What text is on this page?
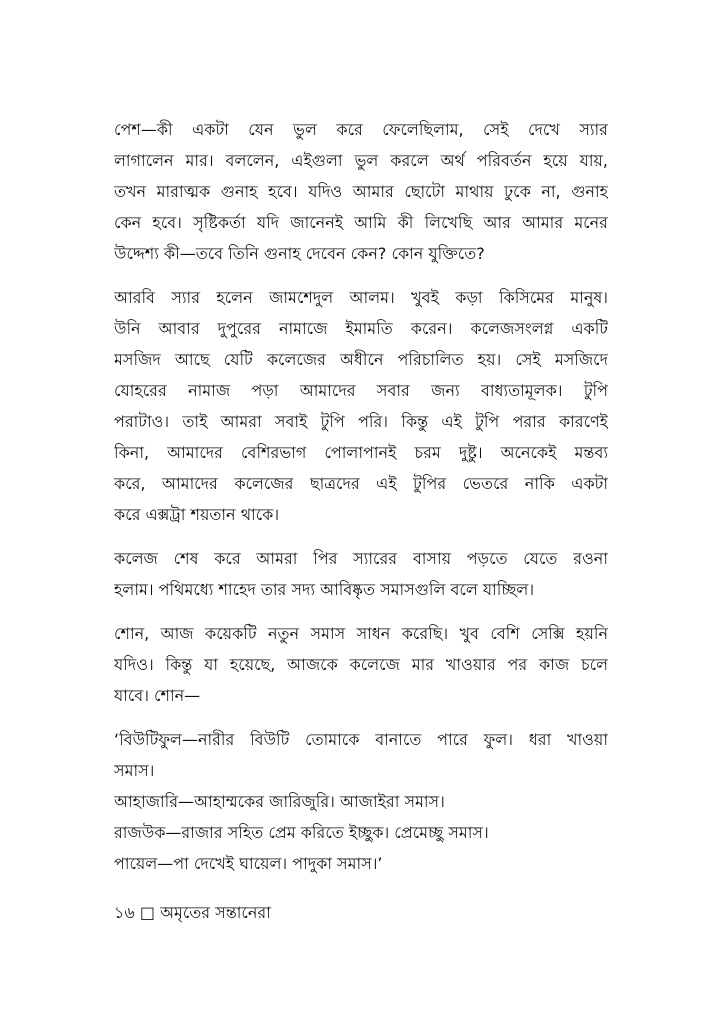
পেশ—কী একটা যেন ভুল করে ফেলেছিলাম, সেই দেখে স্যার
লাগালেন মার। বললেন, এইগুলা ভুল করলে অর্থ পরিবর্তন হয়ে যায়,
তখন মারাত্মক গুনাহ হবে। যদিও আমার ছোটো মাথায় ঢুকে না, গুনাহ
কেন হবে। সৃষ্টিকর্তা যদি জানেনই আমি কী লিখেছি আর আমার মনের
উদ্দেশ্য কী—তবে তিনি গুনাহ দেবেন কেন? কোন যুক্তিতে?
আরবি স্যার হলেন জামশেদুল আলম। খুবই কড়া কিসিমের মানুষ।
উনি আবার দুপুরের নামাজে ইমামতি করেন। কলেজসংলগ্ন একটি
মসজিদ আছে যেটি কলেজের অধীনে পরিচালিত হয়। সেই মসজিদে
যোহরের নামাজ পড়া আমাদের সবার জন্য বাধ্যতামূলক। টুপি
পরাটাও। তাই আমরা সবাই টুপি পরি। কিন্তু এই টুপি পরার কারণেই
কিনা, আমাদের বেশিরভাগ পোলাপানই চরম দুষ্টু। অনেকেই মন্তব্য
করে, আমাদের কলেজের ছাত্রদের এই টুপির ভেতরে নাকি একটা
করে এক্সট্রা শয়তান থাকে।
কলেজ শেষ করে আমরা পির স্যারের বাসায় পড়তে যেতে রওনা
হলাম। পথিমধ্যে শাহেদ তার সদ্য আবিষ্কৃত সমাসগুলি বলে যাচ্ছিল।
শোন, আজ কয়েকটি নতুন সমাস সাধন করেছি। খুব বেশি সেক্সি হয়নি
যদিও। কিন্তু যা হয়েছে, আজকে কলেজে মার খাওয়ার পর কাজ চলে
যাবে। শোন—
‘বিউটিফুল—নারীর বিউটি তোমাকে বানাতে পারে ফুল। ধরা খাওয়া
সমাস।
আহাজারি—আহাম্মকের জারিজুরি। আজাইরা সমাস।
রাজউক—রাজার সহিত প্রেম করিতে ইচ্ছুক। প্রেমেচ্ছু সমাস।
পায়েল—পা দেখেই ঘায়েল। পাদুকা সমাস।’
১৬ □ অমৃতের সন্তানেরা
